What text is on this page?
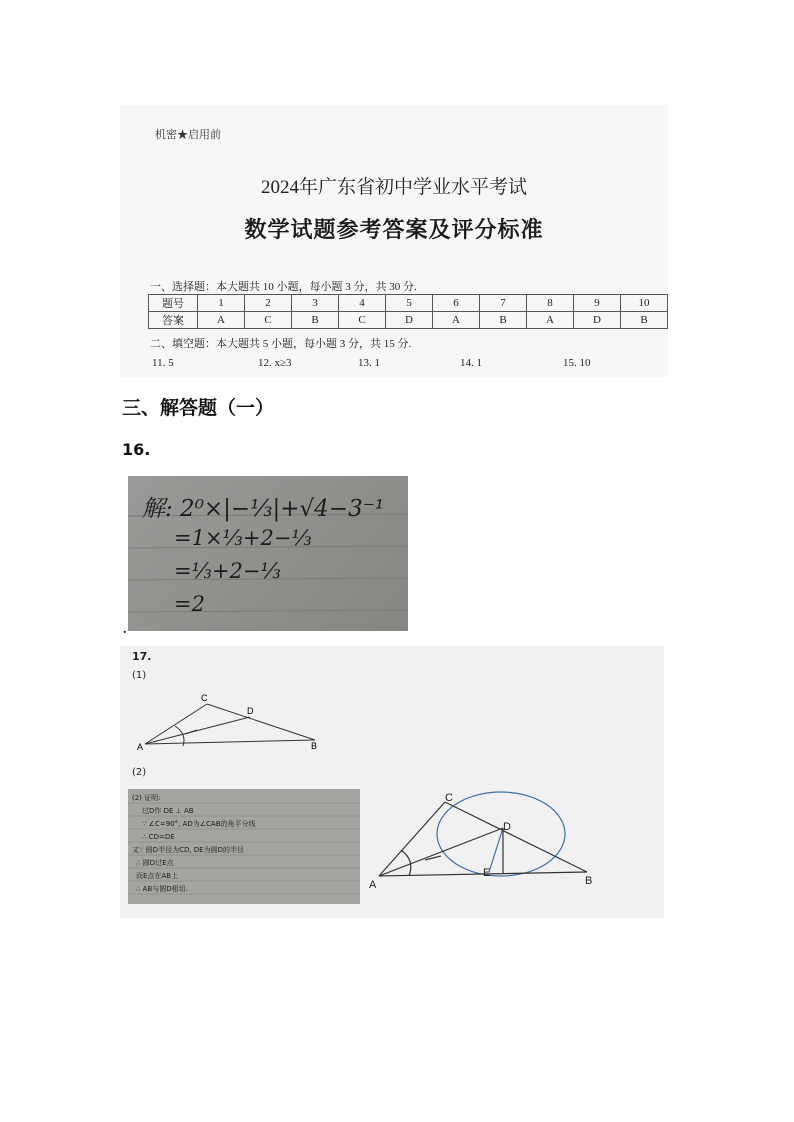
机密★启用前
2024年广东省初中学业水平考试
数学试题参考答案及评分标准
一、选择题：本大题共 10 小题，每小题 3 分，共 30 分.
题号	1	2	3	4	5	6	7	8	9	10
答案	A	C	B	C	D	A	B	A	D	B
二、填空题：本大题共 5 小题，每小题 3 分，共 15 分.
11. 5	12. x≥3	13. 1	14. 1	15. 10
三、解答题（一）
16.
解: 2⁰×|−⅓|+√4−3⁻¹
=1×⅓+2−⅓
=⅓+2−⅓
=2
.
17.
(1)
A
C
D
B
(2)
(2) 证明:
过D作 DE ⊥ AB
∵ ∠C=90°, AD为∠CAB的角平分线
∴ CD=DE
又∵ 圆D半径为CD, DE为圆D的半径
∴ 圆D过E点
而E点在AB上
∴ AB与圆D相切.	A
C
D
E
B
